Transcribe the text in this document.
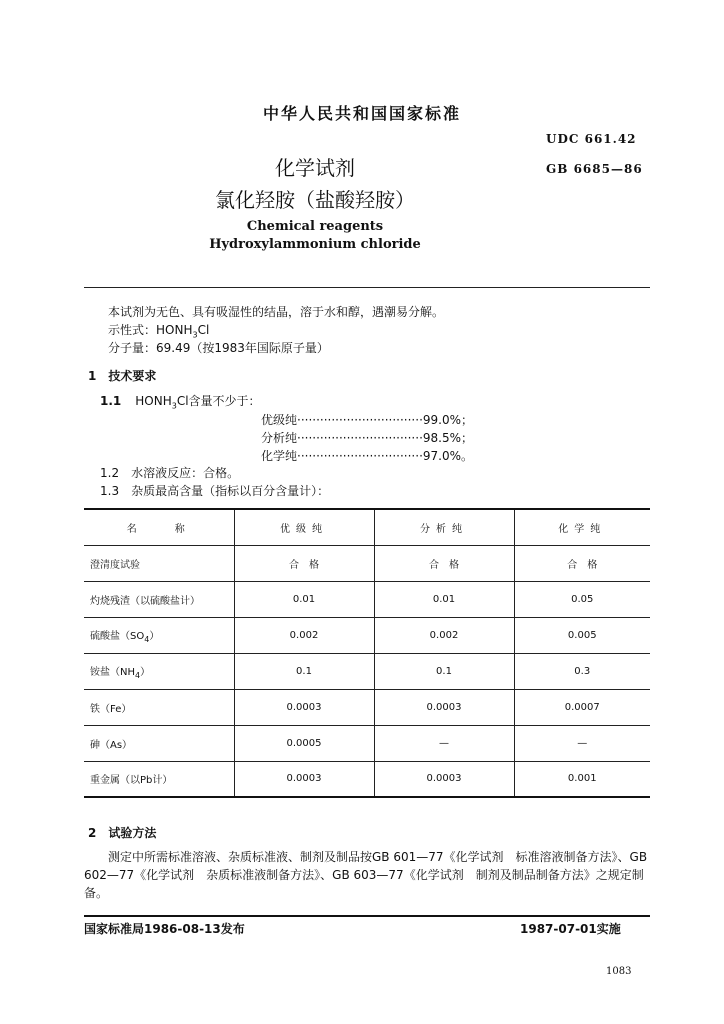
中华人民共和国国家标准
UDC 661.42
化学试剂	GB 6685—86
氯化羟胺（盐酸羟胺）
Chemical reagents
Hydroxylammonium chloride
本试剂为无色、具有吸湿性的结晶，溶于水和醇，遇潮易分解。
示性式：$HONH_3Cl$
分子量：69.49（按1983年国际原子量）
1　技术要求
1.1 $HONH_3Cl$含量不少于：
优级纯·································99.0%；
分析纯·································98.5%；
化学纯·································97.0%。
1.2　水溶液反应：合格。
1.3　杂质最高含量（指标以百分含量计）：
名　　称	优级纯	分析纯	化学纯
澄清度试验	合　格	合　格	合　格
灼烧残渣（以硫酸盐计）	0.01	0.01	0.05
硫酸盐$(SO_4)$	0.002	0.002	0.005
铵盐$(NH_4)$	0.1	0.1	0.3
铁（Fe）	0.0003	0.0003	0.0007
砷（As）	0.0005	—	—
重金属（以Pb计）	0.0003	0.0003	0.001
2　试验方法
测定中所需标准溶液、杂质标准液、制剂及制品按GB 601—77《化学试剂　标准溶液制备方法》、GB 602—77《化学试剂　杂质标准液制备方法》、GB 603—77《化学试剂　制剂及制品制备方法》之规定制备。
国家标准局1986-08-13发布	1987-07-01实施
1083
